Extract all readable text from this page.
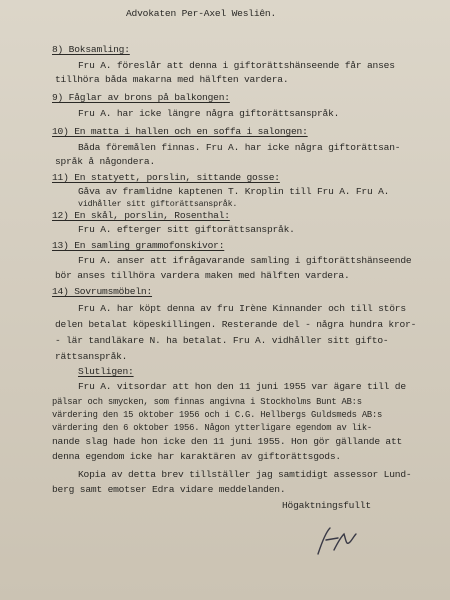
Advokaten Per-Axel Wesliên.
8) Boksamling:
Fru A. föreslår att denna i giftorättshänseende får anses
tillhöra båda makarna med hälften vardera.
9) Fåglar av brons på balkongen:
Fru A. har icke längre några giftorättsanspråk.
10) En matta i hallen och en soffa i salongen:
Båda föremålen finnas. Fru A. har icke några giftorättsan-
språk å någondera.
11) En statyett, porslin, sittande gosse:
Gåva av framlidne kaptenen T. Kroplin till Fru A. Fru A.
vidhåller sitt giftorättsanspråk.
12) En skål, porslin, Rosenthal:
Fru A. efterger sitt giftorättsanspråk.
13) En samling grammofonskivor:
Fru A. anser att ifrågavarande samling i giftorättshänseende
bör anses tillhöra vardera maken med hälften vardera.
14) Sovrumsmöbeln:
Fru A. har köpt denna av fru Irène Kinnander och till störs
delen betalat köpeskillingen. Resterande del - några hundra kror-
- lär tandläkare N. ha betalat. Fru A. vidhåller sitt gifto-
rättsanspråk.
Slutligen:
Fru A. vitsordar att hon den 11 juni 1955 var ägare till de
pälsar och smycken, som finnas angivna i Stockholms Bunt AB:s
värdering den 15 oktober 1956 och i C.G. Hellbergs Guldsmeds AB:s
värdering den 6 oktober 1956. Någon ytterligare egendom av lik-
nande slag hade hon icke den 11 juni 1955. Hon gör gällande att
denna egendom icke har karaktären av giftorättsgods.
Kopia av detta brev tillställer jag samtidigt assessor Lund-
berg samt emotser Edra vidare meddelanden.
Högaktningsfullt
